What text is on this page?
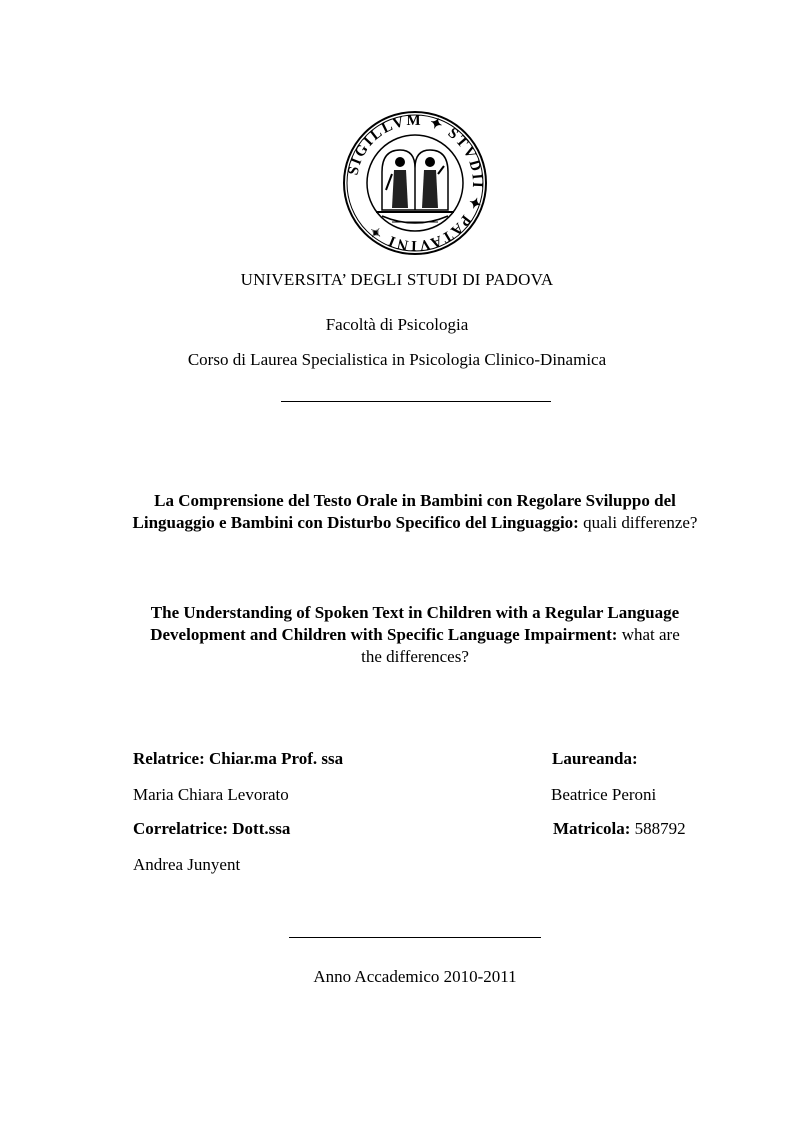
SIGILLVM ✦ STVDII ✦ PATAVINI ✦
UNIVERSITA’ DEGLI STUDI DI PADOVA
Facoltà di Psicologia
Corso di Laurea Specialistica in Psicologia Clinico-Dinamica
La Comprensione del Testo Orale in Bambini con Regolare Sviluppo del Linguaggio e Bambini con Disturbo Specifico del Linguaggio: quali differenze?
The Understanding of Spoken Text in Children with a Regular Language Development and Children with Specific Language Impairment: what are the differences?
Relatrice: Chiar.ma Prof. ssa
Maria Chiara Levorato
Correlatrice: Dott.ssa
Andrea Junyent
Laureanda:
Beatrice Peroni
Matricola: 588792
Anno Accademico 2010-2011
